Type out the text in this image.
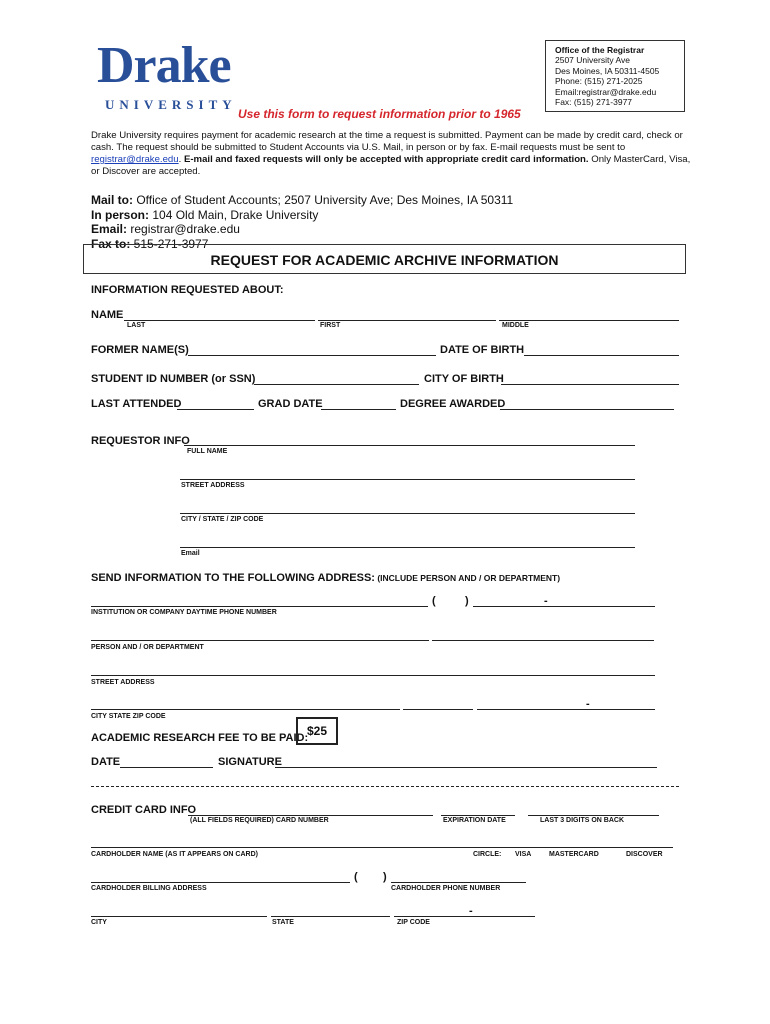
Drake
UNIVERSITY
Office of the Registrar
2507 University Ave
Des Moines, IA 50311-4505
Phone: (515) 271-2025
Email:registrar@drake.edu
Fax: (515) 271-3977
Use this form to request information prior to 1965
Drake University requires payment for academic research at the time a request is submitted. Payment can be made by credit card, check or cash. The request should be submitted to Student Accounts via U.S. Mail, in person or by fax. E-mail requests must be sent to registrar@drake.edu. E-mail and faxed requests will only be accepted with appropriate credit card information. Only MasterCard, Visa, or Discover are accepted.
Mail to: Office of Student Accounts; 2507 University Ave; Des Moines, IA 50311
In person: 104 Old Main, Drake University
Email: registrar@drake.edu
Fax to: 515-271-3977
REQUEST FOR ACADEMIC ARCHIVE INFORMATION
INFORMATION REQUESTED ABOUT:
NAME
LAST	FIRST	MIDDLE
FORMER NAME(S)	DATE OF BIRTH
STUDENT ID NUMBER (or SSN)	CITY OF BIRTH
LAST ATTENDED	GRAD DATE	DEGREE AWARDED
REQUESTOR INFO
FULL NAME
STREET ADDRESS
CITY / STATE / ZIP CODE
Email
SEND INFORMATION TO THE FOLLOWING ADDRESS: (INCLUDE PERSON AND / OR DEPARTMENT)
(	)	-
INSTITUTION OR COMPANY DAYTIME PHONE NUMBER
PERSON AND / OR DEPARTMENT
STREET ADDRESS
-
CITY STATE ZIP CODE
ACADEMIC RESEARCH FEE TO BE PAID:
$25
DATE	SIGNATURE
CREDIT CARD INFO
(ALL FIELDS REQUIRED) CARD NUMBER	EXPIRATION DATE	LAST 3 DIGITS ON BACK
CARDHOLDER NAME (AS IT APPEARS ON CARD)	CIRCLE: VISA	MASTERCARD	DISCOVER
( )
CARDHOLDER BILLING ADDRESS	CARDHOLDER PHONE NUMBER
-
CITY	STATE	ZIP CODE
